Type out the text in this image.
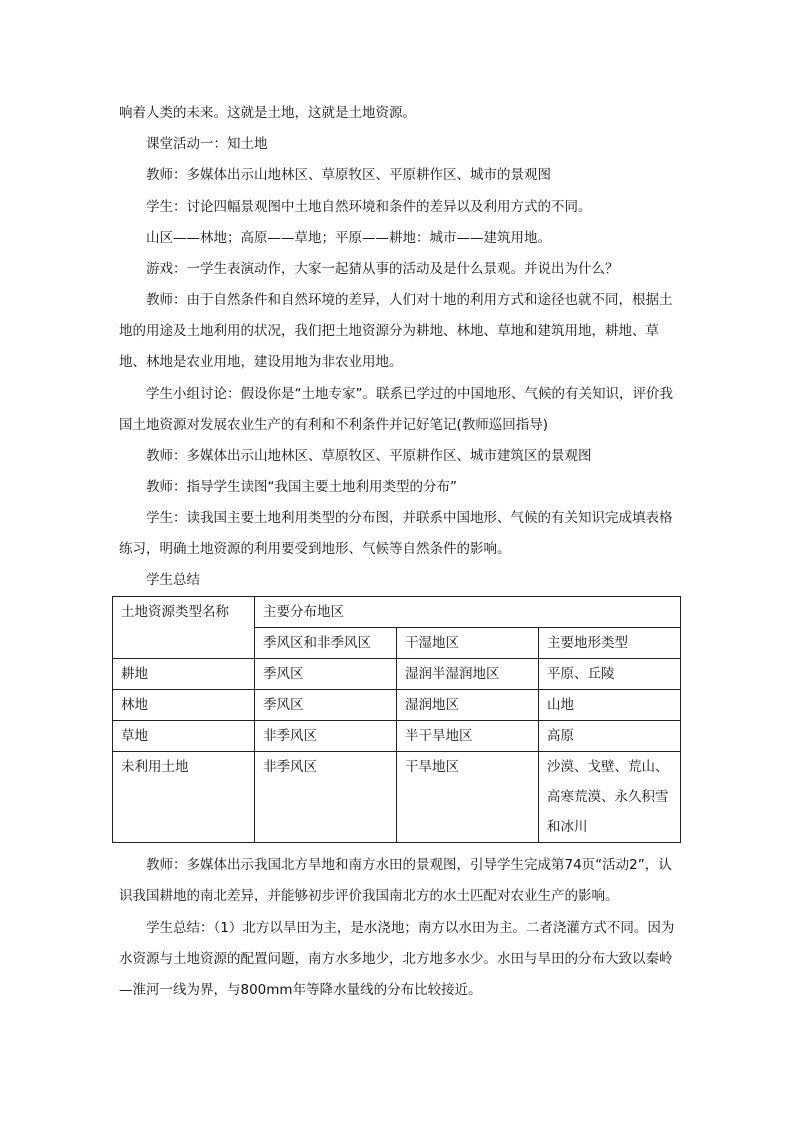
响着人类的未来。这就是土地，这就是土地资源。

课堂活动一：知土地

教师：多媒体出示山地林区、草原牧区、平原耕作区、城市的景观图

学生：讨论四幅景观图中土地自然环境和条件的差异以及利用方式的不同。

山区——林地；高原——草地；平原——耕地：城市——建筑用地。

游戏：一学生表演动作，大家一起猜从事的活动及是什么景观。并说出为什么？

教师：由于自然条件和自然环境的差异，人们对十地的利用方式和途径也就不同，根据土地的用途及土地利用的状况，我们把土地资源分为耕地、林地、草地和建筑用地，耕地、草地、林地是农业用地，建设用地为非农业用地。

学生小组讨论：假设你是“土地专家”。联系已学过的中国地形、气候的有关知识，评价我国土地资源对发展农业生产的有利和不利条件并记好笔记(教师巡回指导)

教师：多媒体出示山地林区、草原牧区、平原耕作区、城市建筑区的景观图

教师：指导学生读图“我国主要土地利用类型的分布”

学生：读我国主要土地利用类型的分布图，并联系中国地形、气候的有关知识完成填表格练习，明确土地资源的利用要受到地形、气候等自然条件的影响。

学生总结

土地资源类型名称	主要分布地区		
	季风区和非季风区	干湿地区	主要地形类型
耕地	季风区	湿润半湿润地区	平原、丘陵
林地	季风区	湿润地区	山地
草地	非季风区	半干旱地区	高原
未利用土地	非季风区	干旱地区	沙漠、戈壁、荒山、高寒荒漠、永久积雪和冰川

教师：多媒体出示我国北方旱地和南方水田的景观图，引导学生完成第74页“活动2”，认识我国耕地的南北差异，并能够初步评价我国南北方的水土匹配对农业生产的影响。

学生总结：（1）北方以旱田为主，是水浇地；南方以水田为主。二者浇灌方式不同。因为水资源与土地资源的配置问题，南方水多地少，北方地多水少。水田与旱田的分布大致以秦岭—淮河一线为界，与800mm年等降水量线的分布比较接近。
